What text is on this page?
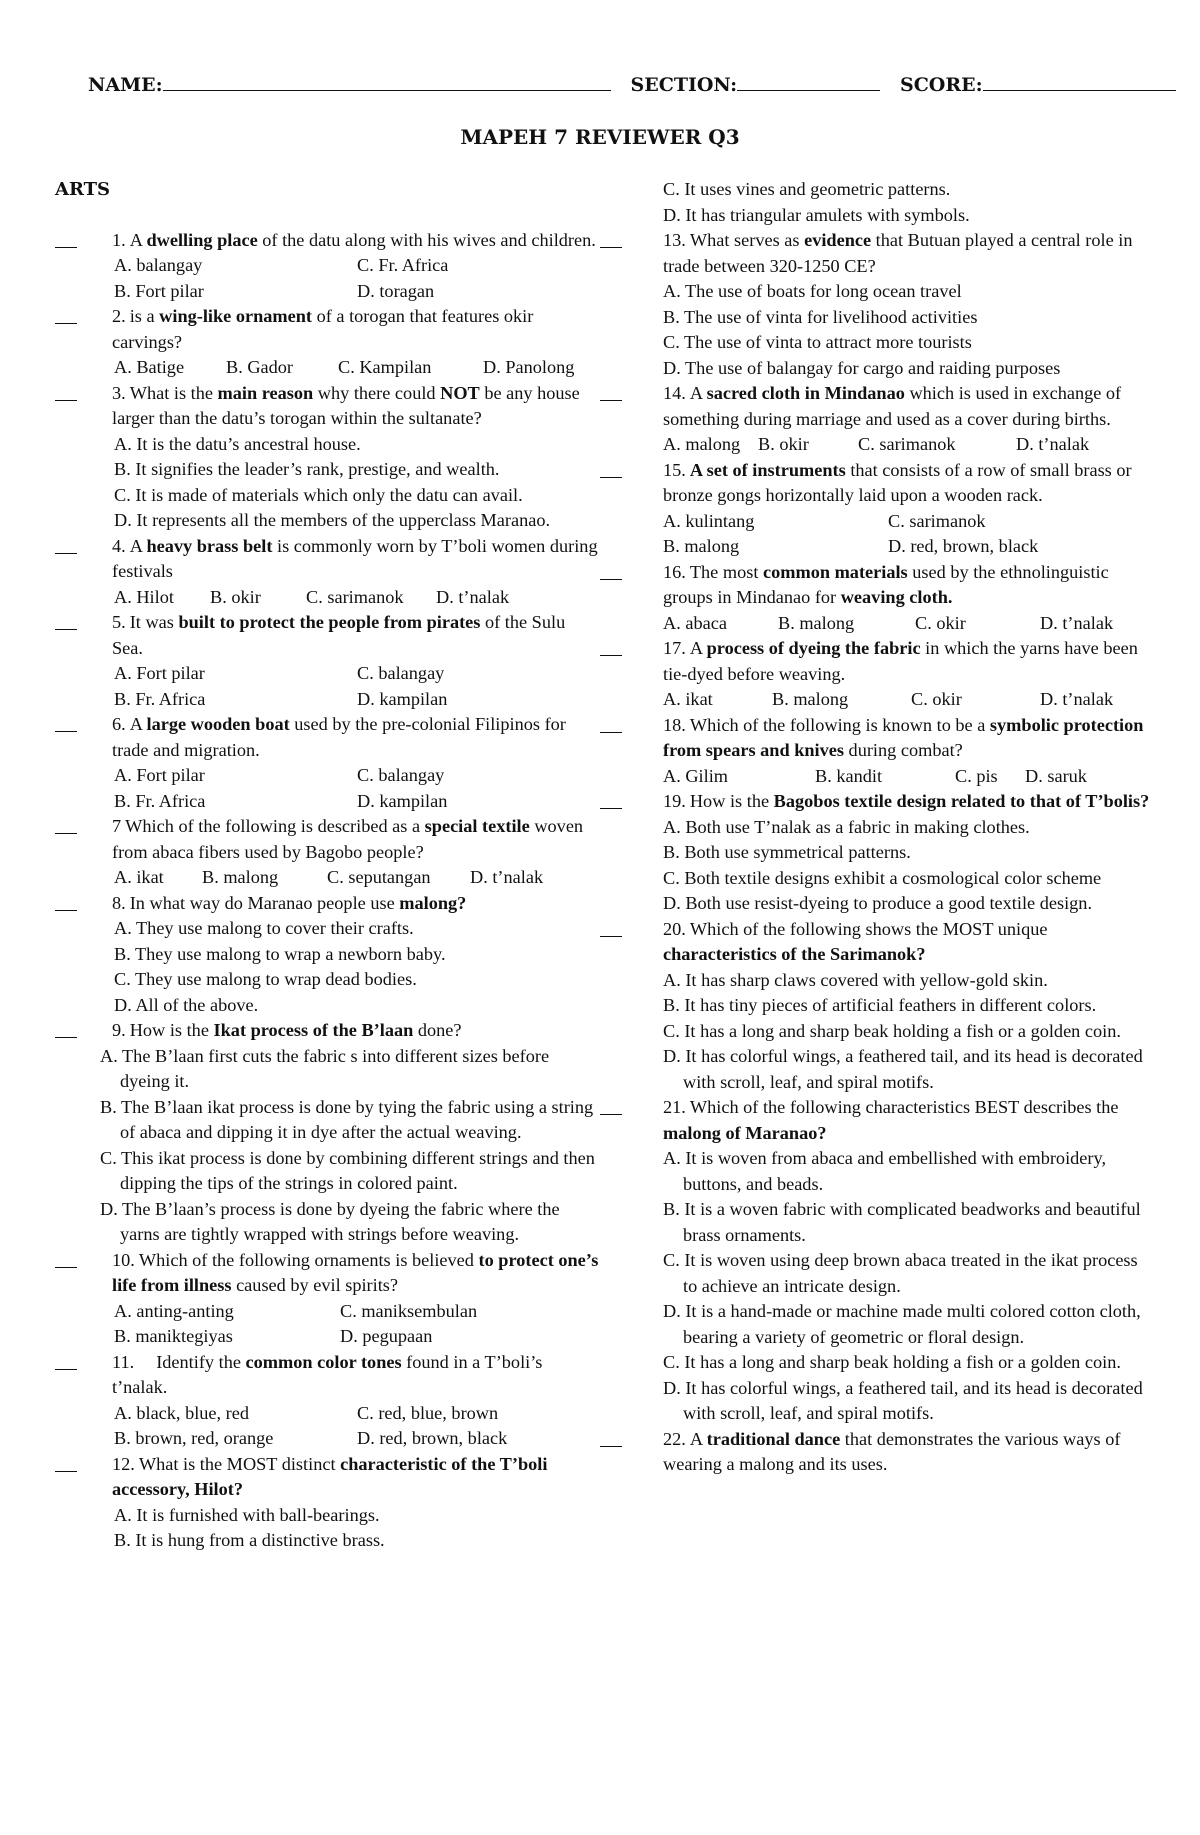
NAME:	SECTION:	SCORE:
MAPEH 7 REVIEWER Q3
ARTS
1. A dwelling place of the datu along with his wives and children.
A. balangay	C. Fr. Africa
B. Fort pilar	D. toragan
2. is a wing-like ornament of a torogan that features okir carvings?
A. Batige	B. Gador	C. Kampilan	D. Panolong
3. What is the main reason why there could NOT be any house larger than the datu’s torogan within the sultanate?
A. It is the datu’s ancestral house.
B. It signifies the leader’s rank, prestige, and wealth.
C. It is made of materials which only the datu can avail.
D. It represents all the members of the upperclass Maranao.
4. A heavy brass belt is commonly worn by T’boli women during festivals
A. Hilot	B. okir	C. sarimanok	D. t’nalak
5. It was built to protect the people from pirates of the Sulu Sea.
A. Fort pilar	C. balangay
B. Fr. Africa	D. kampilan
6. A large wooden boat used by the pre-colonial Filipinos for trade and migration.
A. Fort pilar	C. balangay
B. Fr. Africa	D. kampilan
7 Which of the following is described as a special textile woven from abaca fibers used by Bagobo people?
A. ikat	B. malong	C. seputangan	D. t’nalak
8. In what way do Maranao people use malong?
A. They use malong to cover their crafts.
B. They use malong to wrap a newborn baby.
C. They use malong to wrap dead bodies.
D. All of the above.
9. How is the Ikat process of the B’laan done?
A. The B’laan first cuts the fabric s into different sizes before dyeing it.
B. The B’laan ikat process is done by tying the fabric using a string of abaca and dipping it in dye after the actual weaving.
C. This ikat process is done by combining different strings and then dipping the tips of the strings in colored paint.
D. The B’laan’s process is done by dyeing the fabric where the yarns are tightly wrapped with strings before weaving.
10. Which of the following ornaments is believed to protect one’s life from illness caused by evil spirits?
A. anting-anting	C. maniksembulan
B. maniktegiyas	D. pegupaan
11. Identify the common color tones found in a T’boli’s t’nalak.
A. black, blue, red	C. red, blue, brown
B. brown, red, orange	D. red, brown, black
12. What is the MOST distinct characteristic of the T’boli accessory, Hilot?
A. It is furnished with ball-bearings.
B. It is hung from a distinctive brass.
C. It uses vines and geometric patterns.
D. It has triangular amulets with symbols.
13. What serves as evidence that Butuan played a central role in trade between 320-1250 CE?
A. The use of boats for long ocean travel
B. The use of vinta for livelihood activities
C. The use of vinta to attract more tourists
D. The use of balangay for cargo and raiding purposes
14. A sacred cloth in Mindanao which is used in exchange of something during marriage and used as a cover during births.
A. malong B. okir	C. sarimanok	D. t’nalak
15. A set of instruments that consists of a row of small brass or bronze gongs horizontally laid upon a wooden rack.
A. kulintang	C. sarimanok
B. malong	D. red, brown, black
16. The most common materials used by the ethnolinguistic groups in Mindanao for weaving cloth.
A. abaca	B. malong	C. okir	D. t’nalak
17. A process of dyeing the fabric in which the yarns have been tie-dyed before weaving.
A. ikat	B. malong	C. okir	D. t’nalak
18. Which of the following is known to be a symbolic protection from spears and knives during combat?
A. Gilim	B. kandit	C. pis	D. saruk
19. How is the Bagobos textile design related to that of T’bolis?
A. Both use T’nalak as a fabric in making clothes.
B. Both use symmetrical patterns.
C. Both textile designs exhibit a cosmological color scheme
D. Both use resist-dyeing to produce a good textile design.
20. Which of the following shows the MOST unique characteristics of the Sarimanok?
A. It has sharp claws covered with yellow-gold skin.
B. It has tiny pieces of artificial feathers in different colors.
C. It has a long and sharp beak holding a fish or a golden coin.
D. It has colorful wings, a feathered tail, and its head is decorated with scroll, leaf, and spiral motifs.
21. Which of the following characteristics BEST describes the malong of Maranao?
A. It is woven from abaca and embellished with embroidery, buttons, and beads.
B. It is a woven fabric with complicated beadworks and beautiful brass ornaments.
C. It is woven using deep brown abaca treated in the ikat process to achieve an intricate design.
D. It is a hand-made or machine made multi colored cotton cloth, bearing a variety of geometric or floral design.
C. It has a long and sharp beak holding a fish or a golden coin.
D. It has colorful wings, a feathered tail, and its head is decorated with scroll, leaf, and spiral motifs.
22. A traditional dance that demonstrates the various ways of wearing a malong and its uses.
